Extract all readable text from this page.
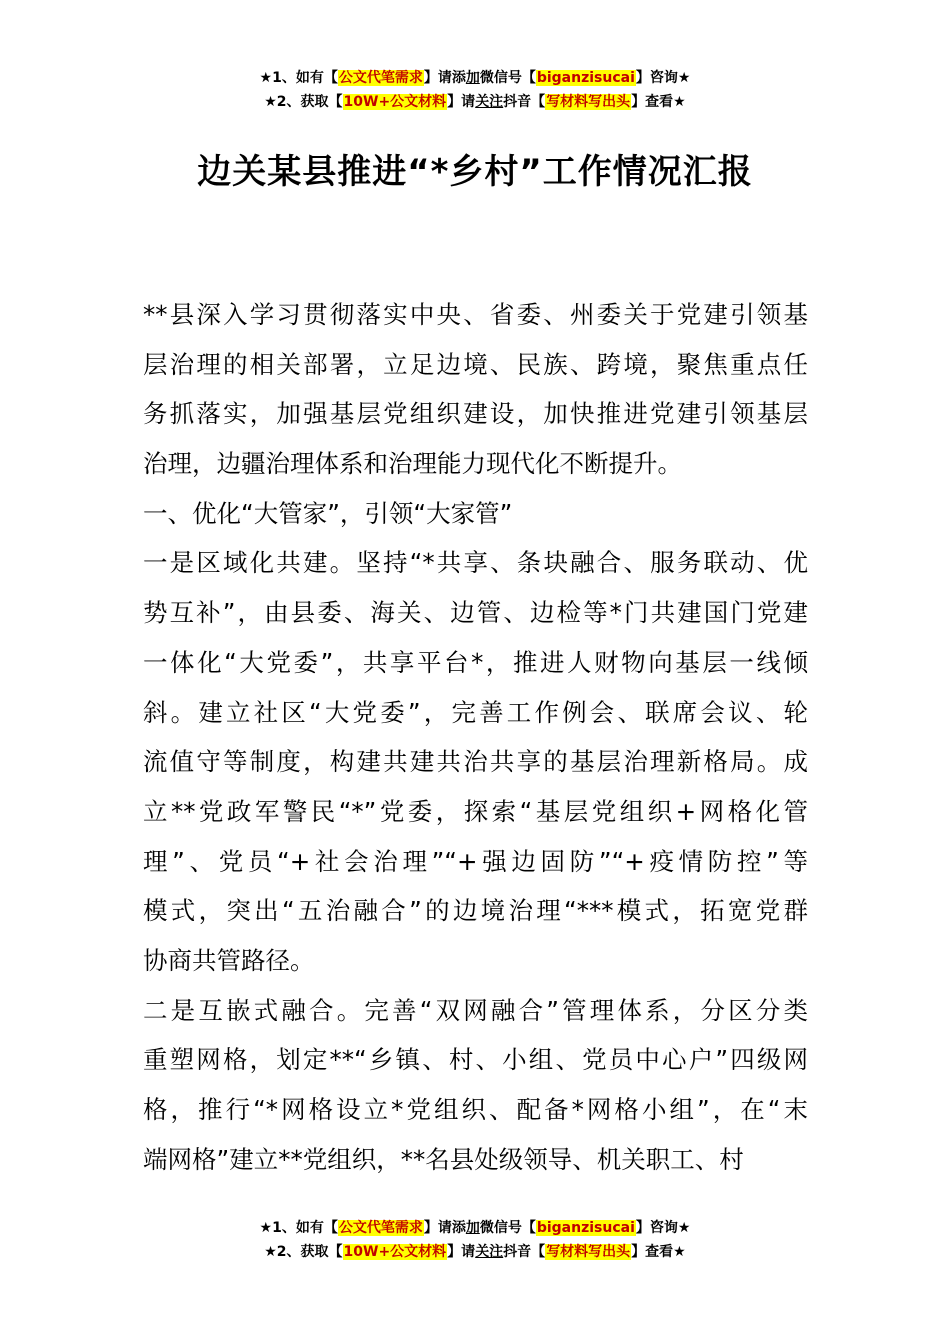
★1、如有【公文代笔需求】请添加微信号【biganzisucai】咨询★
★2、获取【10W+公文材料】请关注抖音【写材料写出头】查看★
边关某县推进“*乡村”工作情况汇报
**县深入学习贯彻落实中央、省委、州委关于党建引领基
层治理的相关部署，立足边境、民族、跨境，聚焦重点任
务抓落实，加强基层党组织建设，加快推进党建引领基层
治理，边疆治理体系和治理能力现代化不断提升。
一、优化“大管家”，引领“大家管”
一是区域化共建。坚持“*共享、条块融合、服务联动、优
势互补”，由县委、海关、边管、边检等*门共建国门党建
一体化“大党委”，共享平台*，推进人财物向基层一线倾
斜。建立社区“大党委”，完善工作例会、联席会议、轮
流值守等制度，构建共建共治共享的基层治理新格局。成
立**党政军警民“*”党委，探索“基层党组织+网格化管
理”、党员“+社会治理”“+强边固防”“+疫情防控”等
模式，突出“五治融合”的边境治理“***模式，拓宽党群
协商共管路径。
二是互嵌式融合。完善“双网融合”管理体系，分区分类
重塑网格，划定**“乡镇、村、小组、党员中心户”四级网
格，推行“*网格设立*党组织、配备*网格小组”，在“末
端网格”建立**党组织，**名县处级领导、机关职工、村
★1、如有【公文代笔需求】请添加微信号【biganzisucai】咨询★
★2、获取【10W+公文材料】请关注抖音【写材料写出头】查看★
